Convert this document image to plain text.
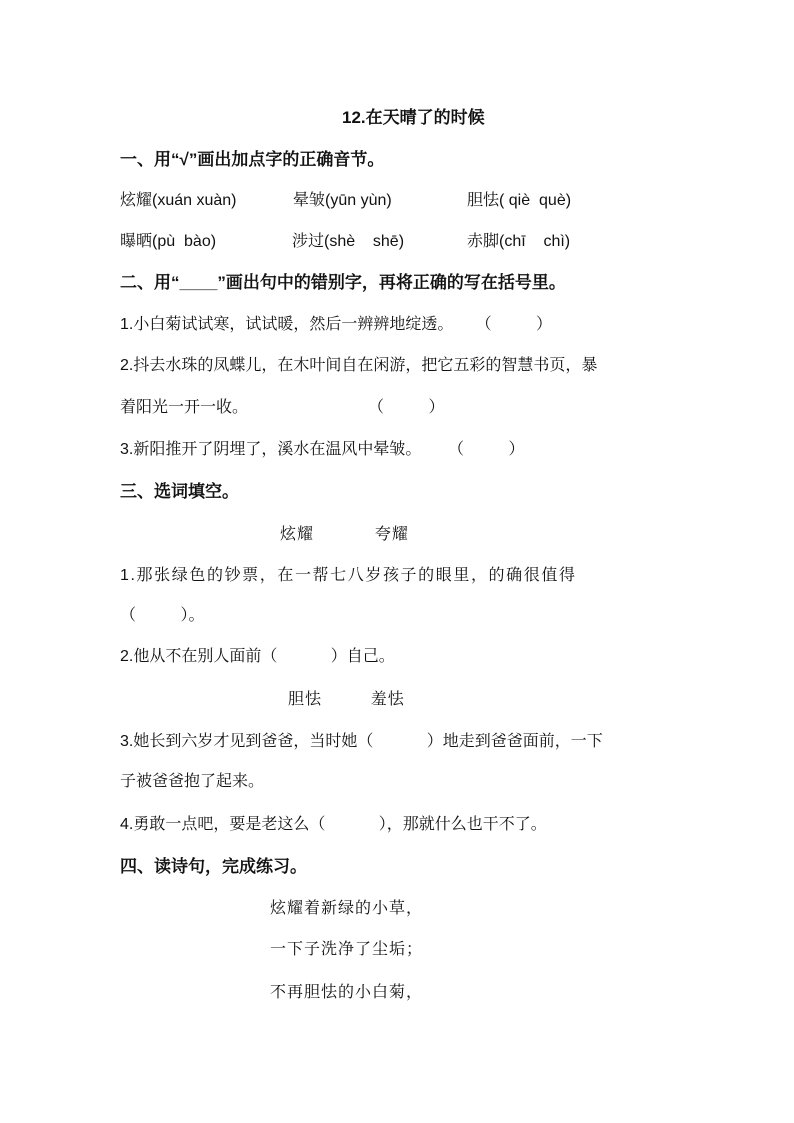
12.在天晴了的时候
一、用“√”画出加点字的正确音节。
炫耀(xuán xuàn)	晕皱(yūn yùn)	胆怯( qiè  què)
曝晒(pù  bào)	涉过(shè    shē)	赤脚(chī    chì)
二、用“____”画出句中的错别字，再将正确的写在括号里。
1.小白菊试试寒，试试暖，然后一辨辨地绽透。     （          ）
2.抖去水珠的凤蝶儿，在木叶间自在闲游，把它五彩的智慧书页，暴
着阳光一开一收。                           （          ）
3.新阳推开了阴埋了，溪水在温风中晕皱。      （          ）
三、选词填空。
炫耀          夸耀
1.那张绿色的钞票，在一帮七八岁孩子的眼里，的确很值得
（          ）。
2.他从不在别人面前（            ）自己。
胆怯        羞怯
3.她长到六岁才见到爸爸，当时她（            ）地走到爸爸面前，一下
子被爸爸抱了起来。
4.勇敢一点吧，要是老这么（            ），那就什么也干不了。
四、读诗句，完成练习。
炫耀着新绿的小草，
一下子洗净了尘垢；
不再胆怯的小白菊，
